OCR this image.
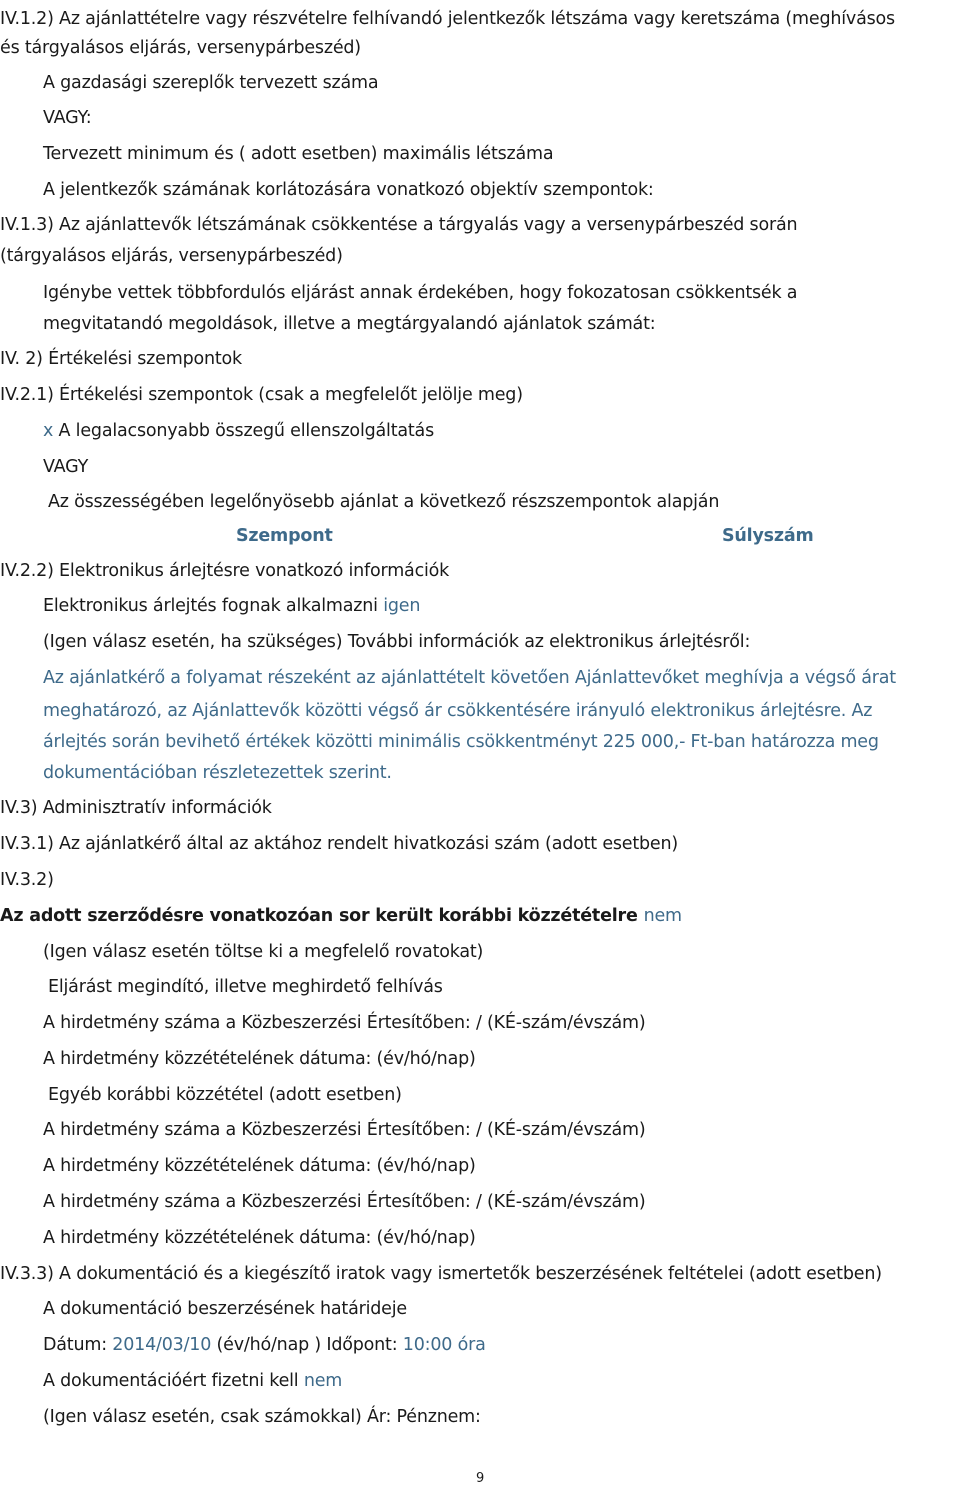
IV.1.2) Az ajánlattételre vagy részvételre felhívandó jelentkezők létszáma vagy keretszáma (meghívásos
és tárgyalásos eljárás, versenypárbeszéd)
A gazdasági szereplők tervezett száma
VAGY:
Tervezett minimum és ( adott esetben) maximális létszáma
A jelentkezők számának korlátozására vonatkozó objektív szempontok:
IV.1.3) Az ajánlattevők létszámának csökkentése a tárgyalás vagy a versenypárbeszéd során
(tárgyalásos eljárás, versenypárbeszéd)
Igénybe vettek többfordulós eljárást annak érdekében, hogy fokozatosan csökkentsék a
megvitatandó megoldások, illetve a megtárgyalandó ajánlatok számát:
IV. 2) Értékelési szempontok
IV.2.1) Értékelési szempontok (csak a megfelelőt jelölje meg)
x A legalacsonyabb összegű ellenszolgáltatás
VAGY
Az összességében legelőnyösebb ajánlat a következő részszempontok alapján
Szempont	Súlyszám
IV.2.2) Elektronikus árlejtésre vonatkozó információk
Elektronikus árlejtés fognak alkalmazni igen
(Igen válasz esetén, ha szükséges) További információk az elektronikus árlejtésről:
Az ajánlatkérő a folyamat részeként az ajánlattételt követően Ajánlattevőket meghívja a végső árat
meghatározó, az Ajánlattevők közötti végső ár csökkentésére irányuló elektronikus árlejtésre. Az
árlejtés során bevihető értékek közötti minimális csökkentményt 225 000,- Ft-ban határozza meg
dokumentációban részletezettek szerint.
IV.3) Adminisztratív információk
IV.3.1) Az ajánlatkérő által az aktához rendelt hivatkozási szám (adott esetben)
IV.3.2)
Az adott szerződésre vonatkozóan sor került korábbi közzétételre nem
(Igen válasz esetén töltse ki a megfelelő rovatokat)
Eljárást megindító, illetve meghirdető felhívás
A hirdetmény száma a Közbeszerzési Értesítőben: / (KÉ-szám/évszám)
A hirdetmény közzétételének dátuma: (év/hó/nap)
Egyéb korábbi közzététel (adott esetben)
A hirdetmény száma a Közbeszerzési Értesítőben: / (KÉ-szám/évszám)
A hirdetmény közzétételének dátuma: (év/hó/nap)
A hirdetmény száma a Közbeszerzési Értesítőben: / (KÉ-szám/évszám)
A hirdetmény közzétételének dátuma: (év/hó/nap)
IV.3.3) A dokumentáció és a kiegészítő iratok vagy ismertetők beszerzésének feltételei (adott esetben)
A dokumentáció beszerzésének határideje
Dátum: 2014/03/10 (év/hó/nap ) Időpont: 10:00 óra
A dokumentációért fizetni kell nem
(Igen válasz esetén, csak számokkal) Ár: Pénznem:
9
